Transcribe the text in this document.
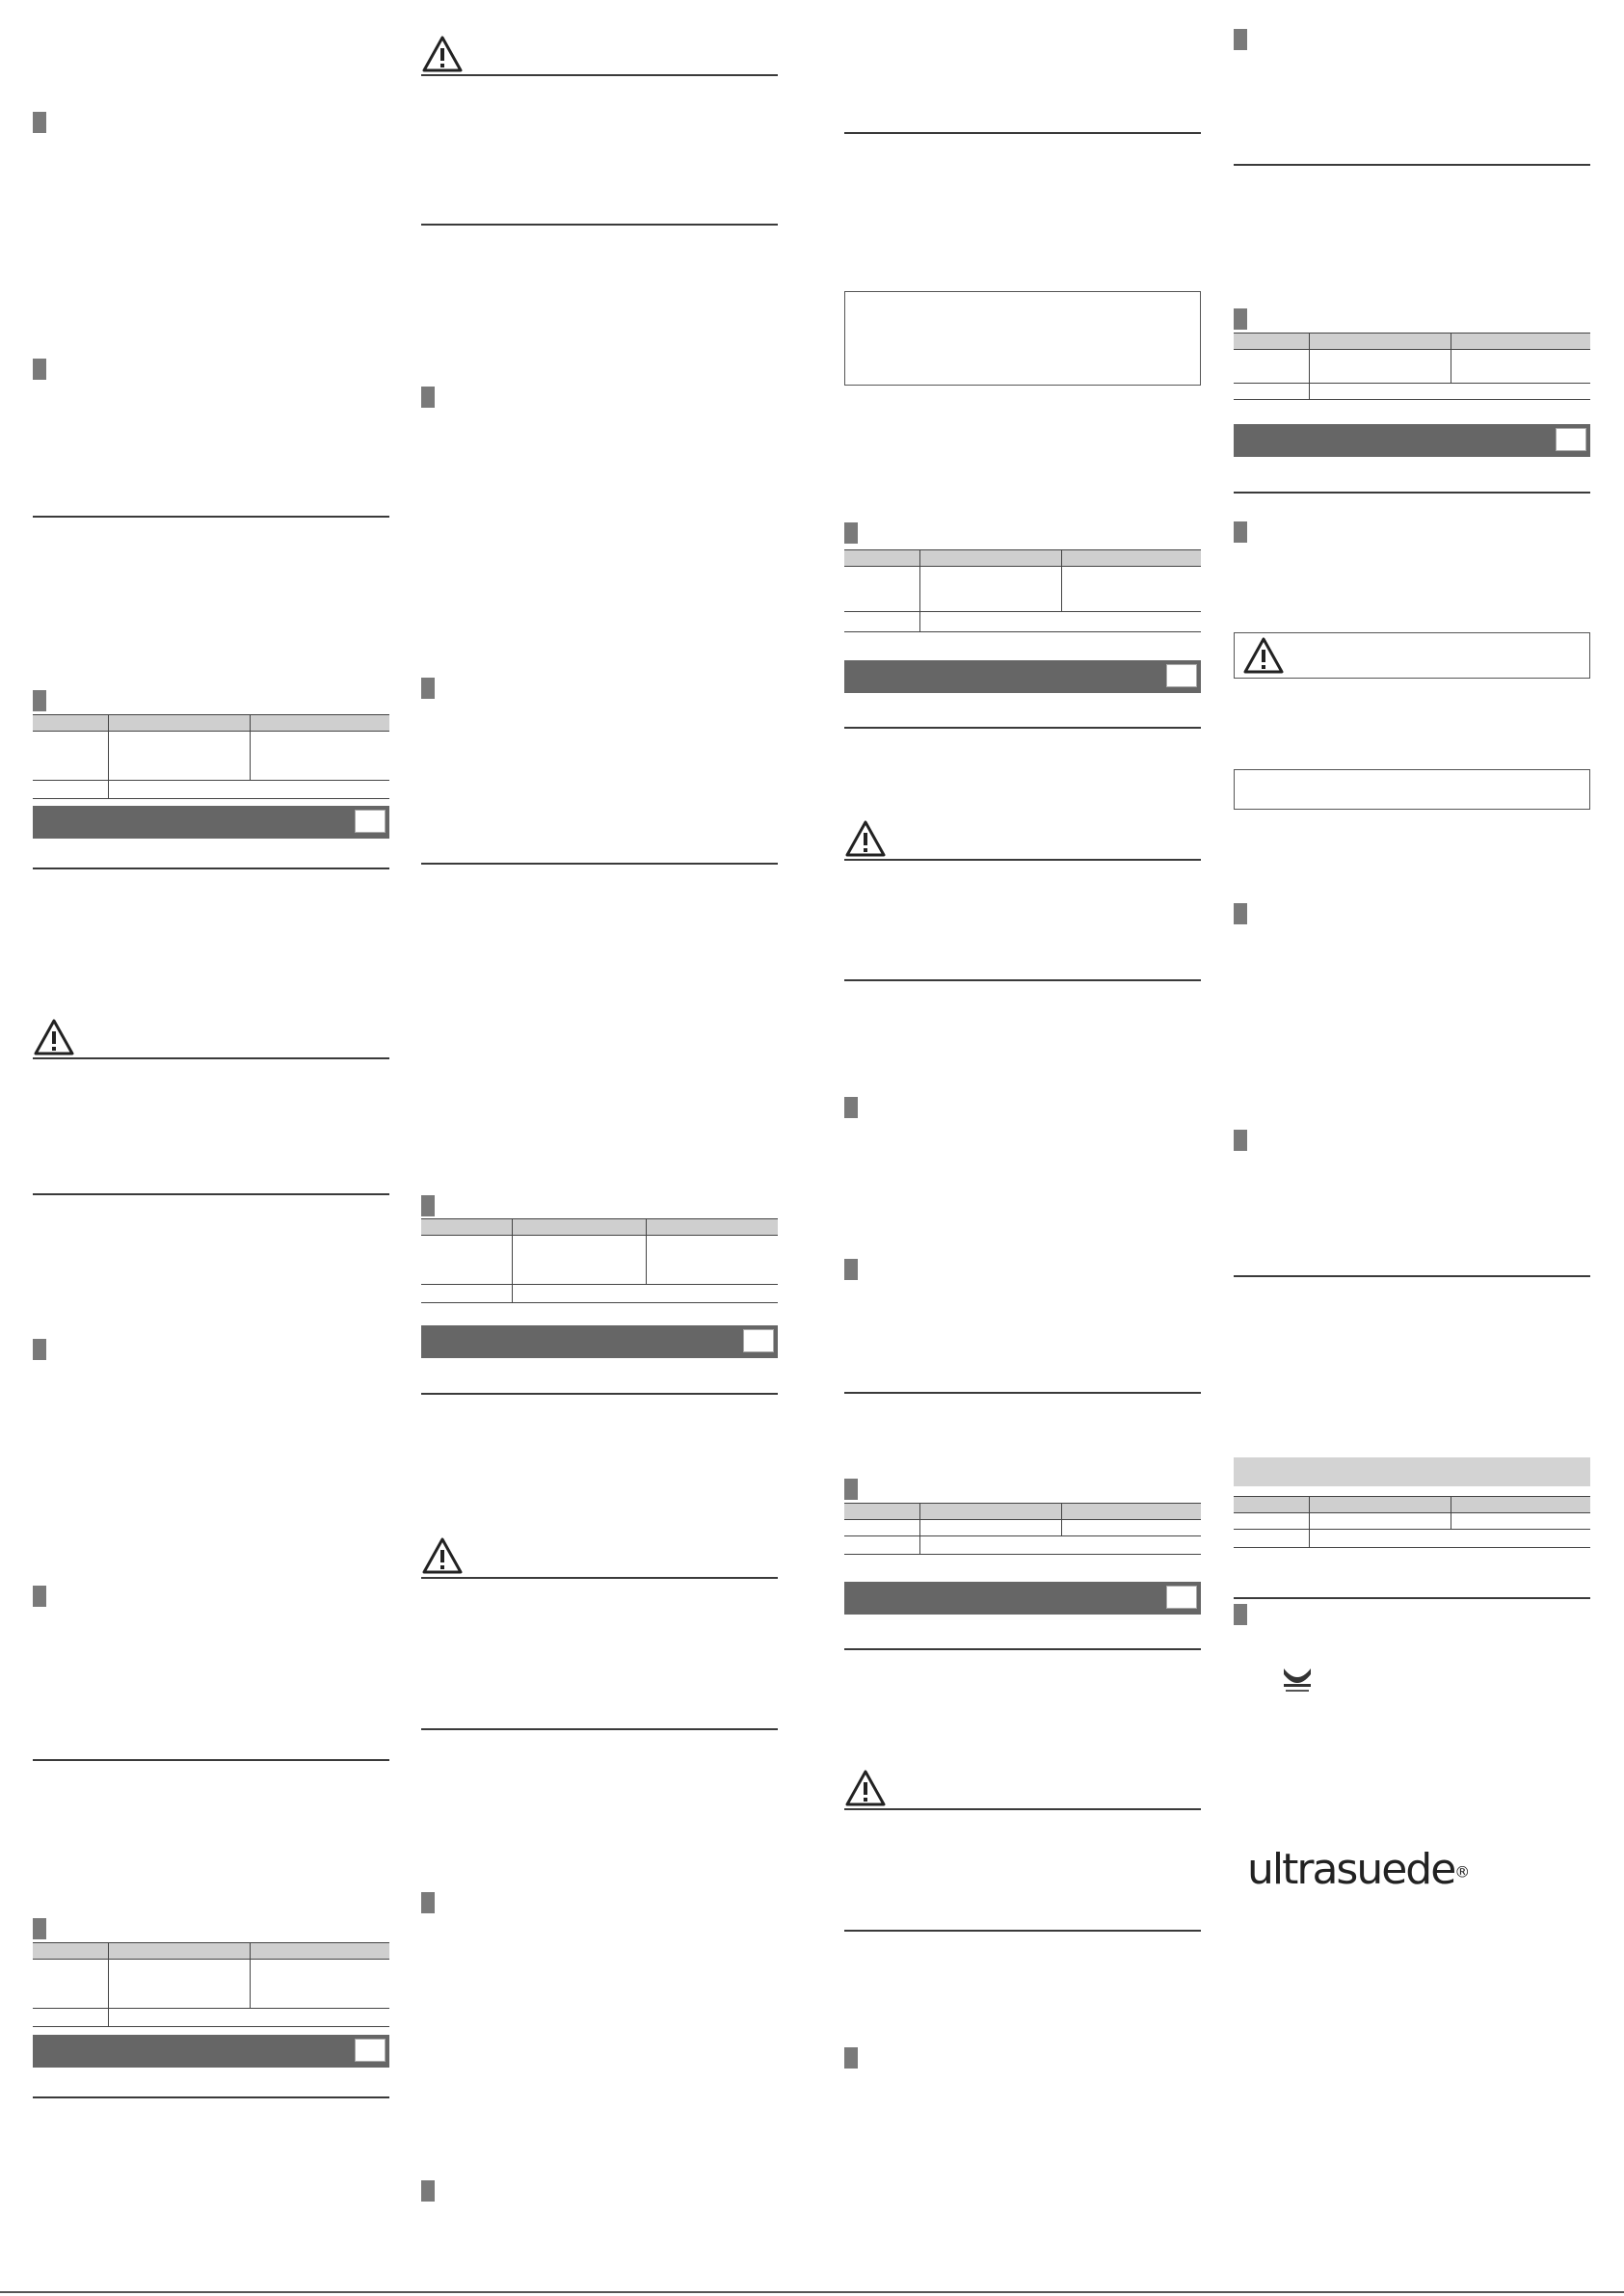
ultrasuede®
